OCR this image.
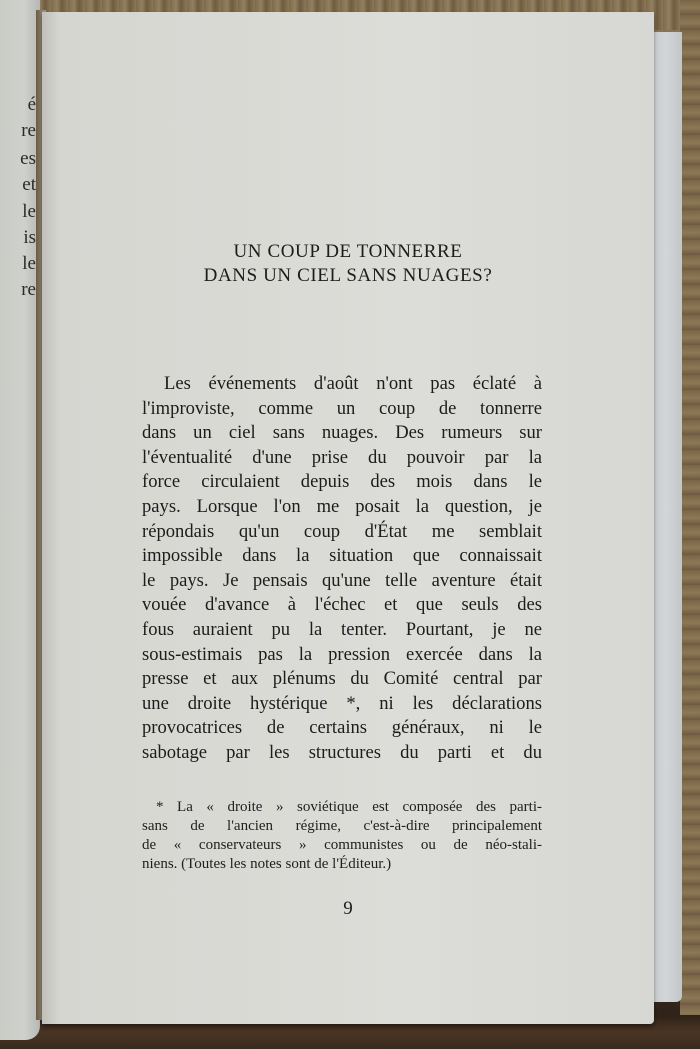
é
re
es
et
le
is
le
re
UN COUP DE TONNERRE
DANS UN CIEL SANS NUAGES?
Les événements d'août n'ont pas éclaté à
l'improviste, comme un coup de tonnerre
dans un ciel sans nuages. Des rumeurs sur
l'éventualité d'une prise du pouvoir par la
force circulaient depuis des mois dans le
pays. Lorsque l'on me posait la question, je
répondais qu'un coup d'État me semblait
impossible dans la situation que connaissait
le pays. Je pensais qu'une telle aventure était
vouée d'avance à l'échec et que seuls des
fous auraient pu la tenter. Pourtant, je ne
sous-estimais pas la pression exercée dans la
presse et aux plénums du Comité central par
une droite hystérique *, ni les déclarations
provocatrices de certains généraux, ni le
sabotage par les structures du parti et du
* La « droite » soviétique est composée des parti-
sans de l'ancien régime, c'est-à-dire principalement
de « conservateurs » communistes ou de néo-stali-
niens. (Toutes les notes sont de l'Éditeur.)
9
